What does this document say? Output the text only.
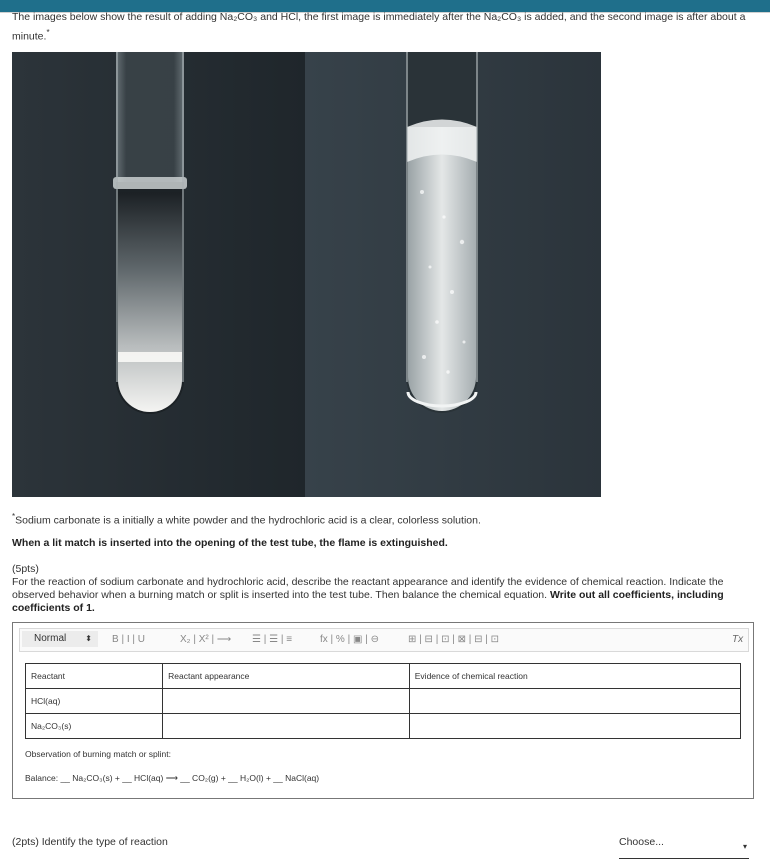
The images below show the result of adding Na₂CO₃ and HCl, the first image is immediately after the Na₂CO₃ is added, and the second image is after about a minute.*
*Sodium carbonate is a initially a white powder and the hydrochloric acid is a clear, colorless solution.
When a lit match is inserted into the opening of the test tube, the flame is extinguished.
(5pts)
For the reaction of sodium carbonate and hydrochloric acid, describe the reactant appearance and identify the evidence of chemical reaction. Indicate the observed behavior when a burning match or split is inserted into the test tube. Then balance the chemical equation. Write out all coefficients, including coefficients of 1.
Normal ⬍ B | I | U	X₂ | X² | ⟶ ☰ | ☰ | ≡	fx | % | ▣ | ⊖	⊞ | ⊟ | ⊡ | ⊠ | ⊟ | ⊡	Tx
Reactant	Reactant appearance	Evidence of chemical reaction
HCl(aq)		
Na₂CO₃(s)		
Observation of burning match or splint:
Balance: __ Na₂CO₃(s) + __ HCl(aq) ⟶ __ CO₂(g) + __ H₂O(l) + __ NaCl(aq)
(2pts) Identify the type of reaction	Choose...	▾
